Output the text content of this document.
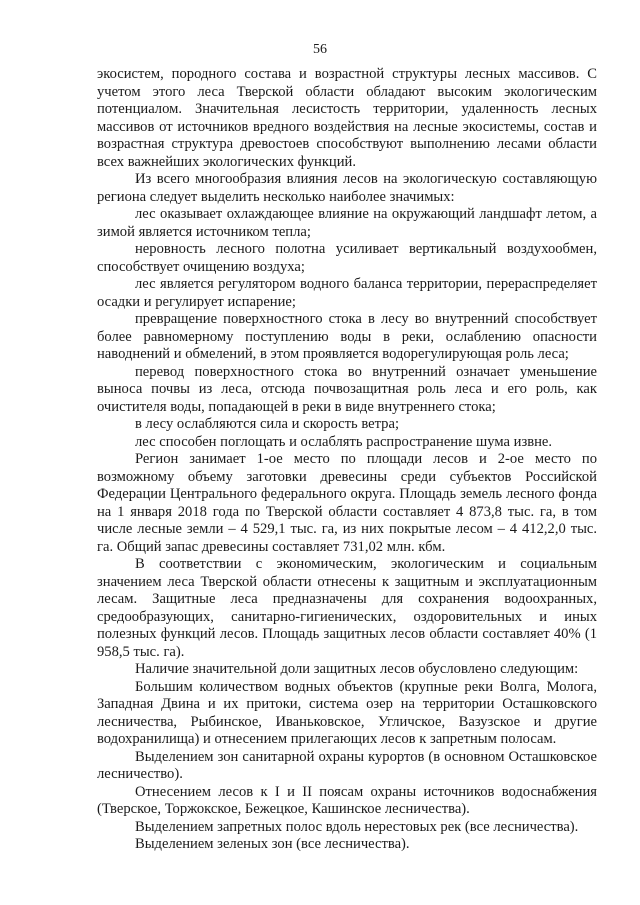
56

экосистем, породного состава и возрастной структуры лесных массивов. С учетом этого леса Тверской области обладают высоким экологическим потенциалом. Значительная лесистость территории, удаленность лесных массивов от источников вредного воздействия на лесные экосистемы, состав и возрастная структура древостоев способствуют выполнению лесами области всех важнейших экологических функций.

Из всего многообразия влияния лесов на экологическую составляющую региона следует выделить несколько наиболее значимых:

лес оказывает охлаждающее влияние на окружающий ландшафт летом, а зимой является источником тепла;

неровность лесного полотна усиливает вертикальный воздухообмен, способствует очищению воздуха;

лес является регулятором водного баланса территории, перераспределяет осадки и регулирует испарение;

превращение поверхностного стока в лесу во внутренний способствует более равномерному поступлению воды в реки, ослаблению опасности наводнений и обмелений, в этом проявляется водорегулирующая роль леса;

перевод поверхностного стока во внутренний означает уменьшение выноса почвы из леса, отсюда почвозащитная роль леса и его роль, как очистителя воды, попадающей в реки в виде внутреннего стока;

в лесу ослабляются сила и скорость ветра;

лес способен поглощать и ослаблять распространение шума извне.

Регион занимает 1-ое место по площади лесов и 2-ое место по возможному объему заготовки древесины среди субъектов Российской Федерации Центрального федерального округа. Площадь земель лесного фонда на 1 января 2018 года по Тверской области составляет 4 873,8 тыс. га, в том числе лесные земли – 4 529,1 тыс. га, из них покрытые лесом – 4 412,2,0 тыс. га. Общий запас древесины составляет 731,02 млн. кбм.

В соответствии с экономическим, экологическим и социальным значением леса Тверской области отнесены к защитным и эксплуатационным лесам. Защитные леса предназначены для сохранения водоохранных, средообразующих, санитарно-гигиенических, оздоровительных и иных полезных функций лесов. Площадь защитных лесов области составляет 40% (1 958,5 тыс. га).

Наличие значительной доли защитных лесов обусловлено следующим:

Большим количеством водных объектов (крупные реки Волга, Молога, Западная Двина и их притоки, система озер на территории Осташковского лесничества, Рыбинское, Иваньковское, Угличское, Вазузское и другие водохранилища) и отнесением прилегающих лесов к запретным полосам.

Выделением зон санитарной охраны курортов (в основном Осташковское лесничество).

Отнесением лесов к I и II поясам охраны источников водоснабжения (Тверское, Торжокское, Бежецкое, Кашинское лесничества).

Выделением запретных полос вдоль нерестовых рек (все лесничества).

Выделением зеленых зон (все лесничества).
